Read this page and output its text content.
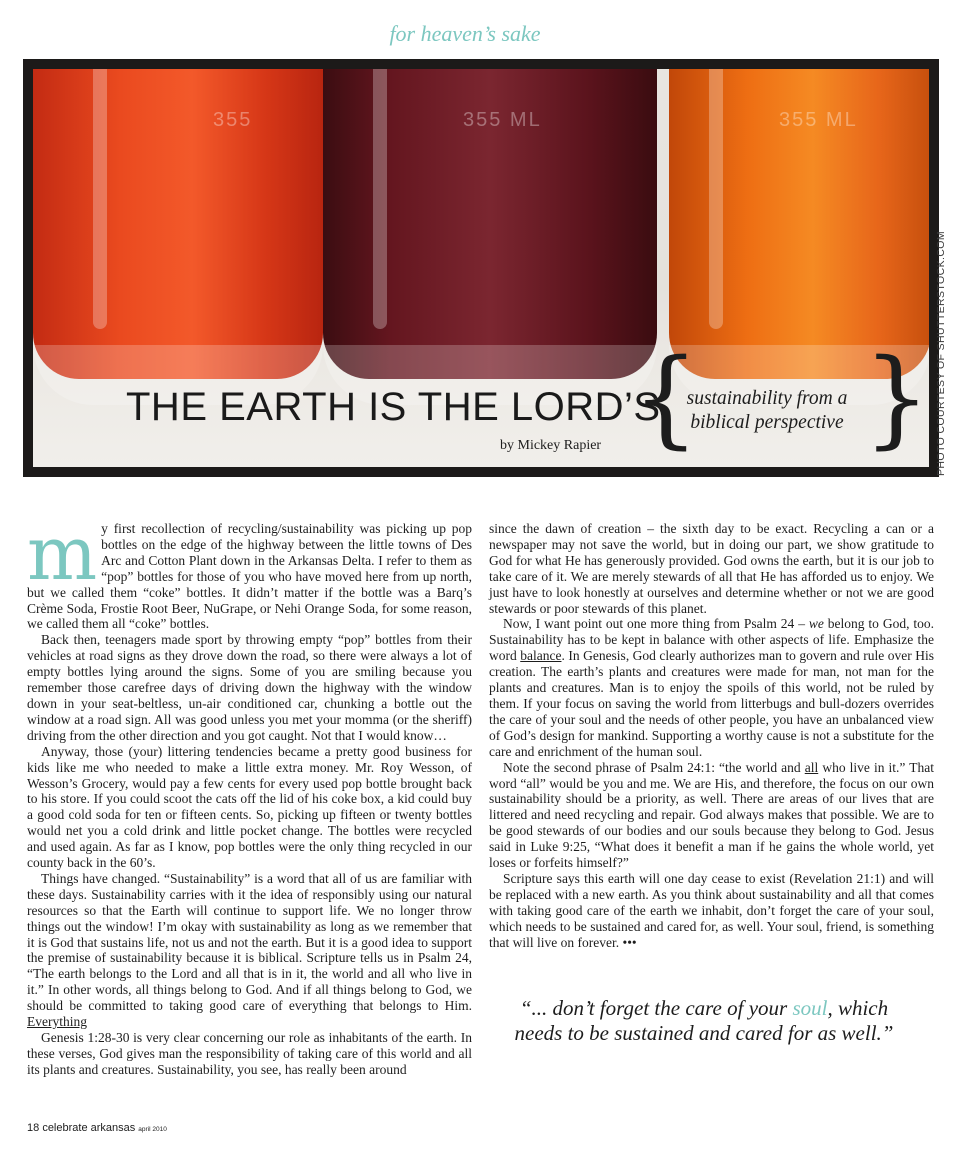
for heaven’s sake
355	355 ML	355 ML
THE EARTH IS THE LORD’S
by Mickey Rapier { }
sustainability from a
biblical perspective	PHOTO COURTESY OF SHUTTERSTOCK.COM

my first recollection of recycling/sustainability was picking up pop bottles on the edge of the highway between the little towns of Des Arc and Cotton Plant down in the Arkansas Delta. I refer to them as “pop” bottles for those of you who have moved here from up north, but we called them “coke” bottles. It didn’t matter if the bottle was a Barq’s Crème Soda, Frostie Root Beer, NuGrape, or Nehi Orange Soda, for some reason, we called them all “coke” bottles.

Back then, teenagers made sport by throwing empty “pop” bottles from their vehicles at road signs as they drove down the road, so there were always a lot of empty bottles lying around the signs. Some of you are smiling because you remember those carefree days of driving down the highway with the window down in your seat-beltless, un-air conditioned car, chunking a bottle out the window at a road sign. All was good unless you met your momma (or the sheriff) driving from the other direction and you got caught. Not that I would know…

Anyway, those (your) littering tendencies became a pretty good business for kids like me who needed to make a little extra money. Mr. Roy Wesson, of Wesson’s Grocery, would pay a few cents for every used pop bottle brought back to his store. If you could scoot the cats off the lid of his coke box, a kid could buy a good cold soda for ten or fifteen cents. So, picking up fifteen or twenty bottles would net you a cold drink and little pocket change. The bottles were recycled and used again. As far as I know, pop bottles were the only thing recycled in our county back in the 60’s.

Things have changed. “Sustainability” is a word that all of us are familiar with these days. Sustainability carries with it the idea of responsibly using our natural resources so that the Earth will continue to support life. We no longer throw things out the window! I’m okay with sustainability as long as we remember that it is God that sustains life, not us and not the earth. But it is a good idea to support the premise of sustainability because it is biblical. Scripture tells us in Psalm 24, “The earth belongs to the Lord and all that is in it, the world and all who live in it.” In other words, all things belong to God. And if all things belong to God, we should be committed to taking good care of everything that belongs to Him. Everything

Genesis 1:28-30 is very clear concerning our role as inhabitants of the earth. In these verses, God gives man the responsibility of taking care of this world and all its plants and creatures. Sustainability, you see, has really been around

since the dawn of creation – the sixth day to be exact. Recycling a can or a newspaper may not save the world, but in doing our part, we show gratitude to God for what He has generously provided. God owns the earth, but it is our job to take care of it. We are merely stewards of all that He has afforded us to enjoy. We just have to look honestly at ourselves and determine whether or not we are good stewards or poor stewards of this planet.

Now, I want point out one more thing from Psalm 24 – we belong to God, too. Sustainability has to be kept in balance with other aspects of life. Emphasize the word balance. In Genesis, God clearly authorizes man to govern and rule over His creation. The earth’s plants and creatures were made for man, not man for the plants and creatures. Man is to enjoy the spoils of this world, not be ruled by them. If your focus on saving the world from litterbugs and bull-dozers overrides the care of your soul and the needs of other people, you have an unbalanced view of God’s design for mankind. Supporting a worthy cause is not a substitute for the care and enrichment of the human soul.

Note the second phrase of Psalm 24:1: “the world and all who live in it.” That word “all” would be you and me. We are His, and therefore, the focus on our own sustainability should be a priority, as well. There are areas of our lives that are littered and need recycling and repair. God always makes that possible. We are to be good stewards of our bodies and our souls because they belong to God. Jesus said in Luke 9:25, “What does it benefit a man if he gains the whole world, yet loses or forfeits himself?”

Scripture says this earth will one day cease to exist (Revelation 21:1) and will be replaced with a new earth. As you think about sustainability and all that comes with taking good care of the earth we inhabit, don’t forget the care of your soul, which needs to be sustained and cared for, as well. Your soul, friend, is something that will live on forever. •••

“... don’t forget the care of your soul, which needs to be sustained and cared for as well.”
18 celebrate arkansas april 2010
